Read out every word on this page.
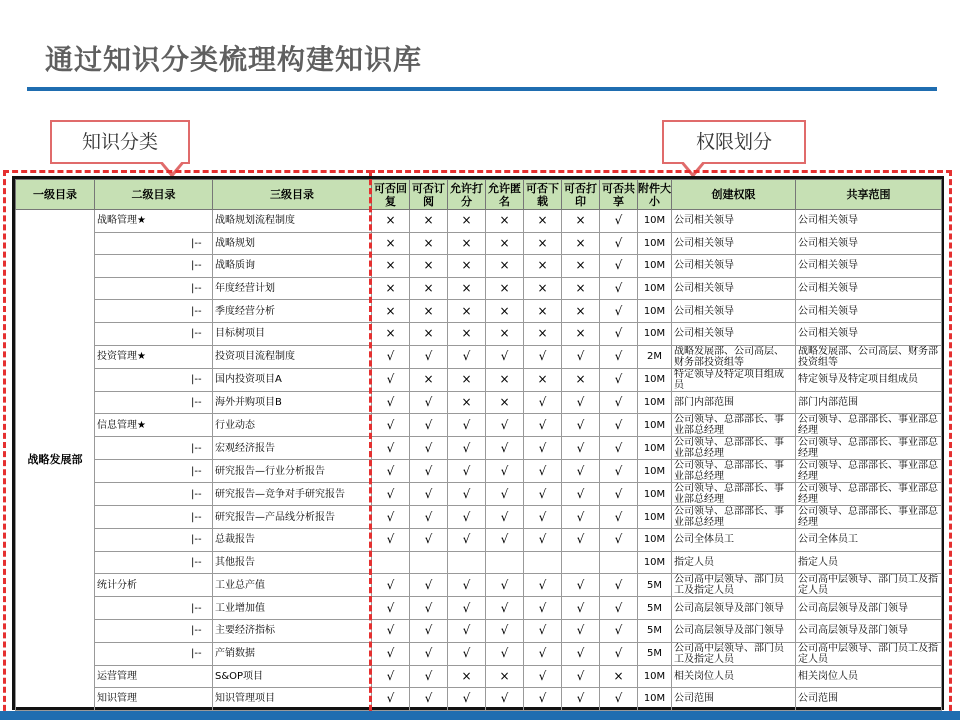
通过知识分类梳理构建知识库
知识分类	权限划分
一级目录	二级目录	三级目录	可否回复	可否订阅	允许打分	允许匿名	可否下载	可否打印	可否共享	附件大小	创建权限	共享范围
战略发展部	战略管理★	战略规划流程制度	×	×	×	×	×	×	√	10M	公司相关领导	公司相关领导
	|--	战略规划	×	×	×	×	×	×	√	10M	公司相关领导	公司相关领导
	|--	战略质询	×	×	×	×	×	×	√	10M	公司相关领导	公司相关领导
	|--	年度经营计划	×	×	×	×	×	×	√	10M	公司相关领导	公司相关领导
	|--	季度经营分析	×	×	×	×	×	×	√	10M	公司相关领导	公司相关领导
	|--	目标树项目	×	×	×	×	×	×	√	10M	公司相关领导	公司相关领导
	投资管理★	投资项目流程制度	√	√	√	√	√	√	√	2M	战略发展部、公司高层、财务部投资组等	战略发展部、公司高层、财务部投资组等
	|--	国内投资项目A	√	×	×	×	×	×	√	10M	特定领导及特定项目组成员	特定领导及特定项目组成员
	|--	海外并购项目B	√	√	×	×	√	√	√	10M	部门内部范围	部门内部范围
	信息管理★	行业动态	√	√	√	√	√	√	√	10M	公司领导、总部部长、事业部总经理	公司领导、总部部长、事业部总经理
	|--	宏观经济报告	√	√	√	√	√	√	√	10M	公司领导、总部部长、事业部总经理	公司领导、总部部长、事业部总经理
	|--	研究报告—行业分析报告	√	√	√	√	√	√	√	10M	公司领导、总部部长、事业部总经理	公司领导、总部部长、事业部总经理
	|--	研究报告—竞争对手研究报告	√	√	√	√	√	√	√	10M	公司领导、总部部长、事业部总经理	公司领导、总部部长、事业部总经理
	|--	研究报告—产品线分析报告	√	√	√	√	√	√	√	10M	公司领导、总部部长、事业部总经理	公司领导、总部部长、事业部总经理
	|--	总裁报告	√	√	√	√	√	√	√	10M	公司全体员工	公司全体员工
	|--	其他报告								10M	指定人员	指定人员
	统计分析	工业总产值	√	√	√	√	√	√	√	5M	公司高中层领导、部门员工及指定人员	公司高中层领导、部门员工及指定人员
	|--	工业增加值	√	√	√	√	√	√	√	5M	公司高层领导及部门领导	公司高层领导及部门领导
	|--	主要经济指标	√	√	√	√	√	√	√	5M	公司高层领导及部门领导	公司高层领导及部门领导
	|--	产销数据	√	√	√	√	√	√	√	5M	公司高中层领导、部门员工及指定人员	公司高中层领导、部门员工及指定人员
	运营管理	S&OP项目	√	√	×	×	√	√	×	10M	相关岗位人员	相关岗位人员
	知识管理	知识管理项目	√	√	√	√	√	√	√	10M	公司范围	公司范围
